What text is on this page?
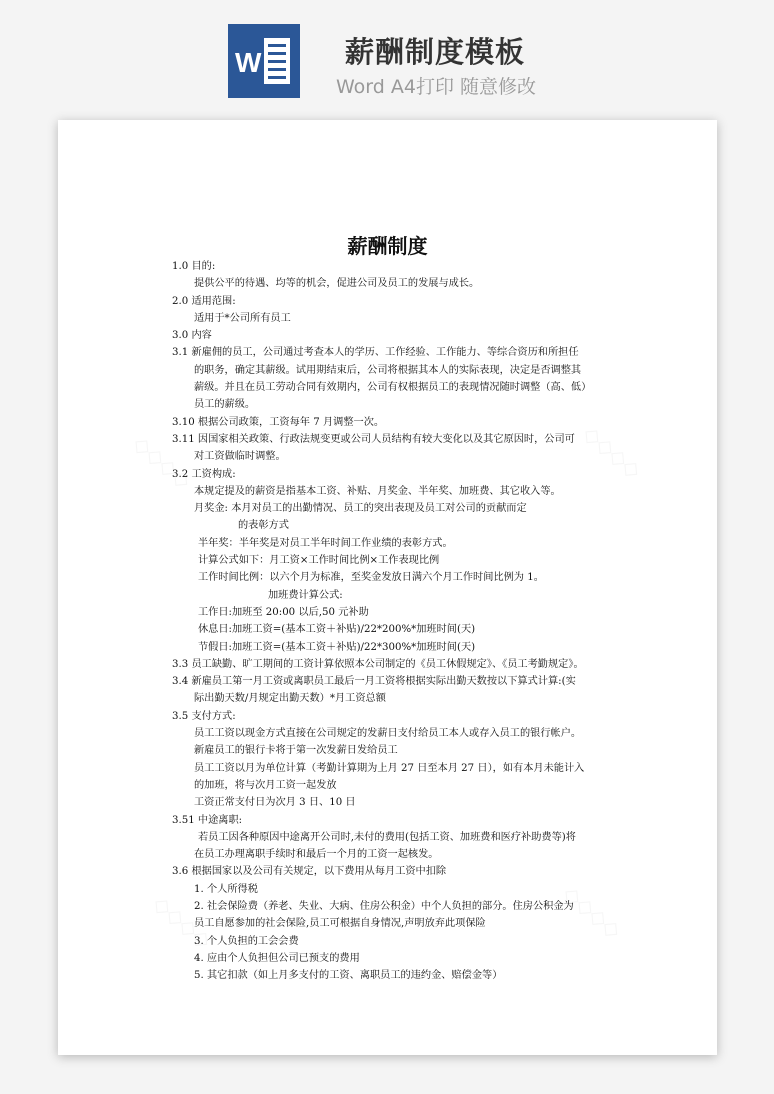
W	薪酬制度模板
Word A4打印 随意修改
薪酬制度
1.0 目的:
提供公平的待遇、均等的机会，促进公司及员工的发展与成长。
2.0 适用范围:
适用于*公司所有员工
3.0 内容
3.1 新雇佣的员工，公司通过考查本人的学历、工作经验、工作能力、等综合资历和所担任
的职务，确定其薪级。试用期结束后，公司将根据其本人的实际表现，决定是否调整其
薪级。并且在员工劳动合同有效期内，公司有权根据员工的表现情况随时调整（高、低）
员工的薪级。
3.10 根据公司政策，工资每年 7 月调整一次。
3.11 因国家相关政策、行政法规变更或公司人员结构有较大变化以及其它原因时，公司可
对工资做临时调整。
3.2 工资构成:
本规定提及的薪资是指基本工资、补贴、月奖金、半年奖、加班费、其它收入等。
月奖金: 本月对员工的出勤情况、员工的突出表现及员工对公司的贡献而定
的表彰方式
半年奖：半年奖是对员工半年时间工作业绩的表彰方式。
计算公式如下：月工资×工作时间比例×工作表现比例
工作时间比例：以六个月为标准，至奖金发放日满六个月工作时间比例为 1。
加班费计算公式:
工作日:加班至 20:00 以后,50 元补助
休息日:加班工资=(基本工资＋补贴)/22*200%*加班时间(天)
节假日:加班工资=(基本工资＋补贴)/22*300%*加班时间(天)
3.3 员工缺勤、旷工期间的工资计算依照本公司制定的《员工休假规定》、《员工考勤规定》。
3.4 新雇员工第一月工资或离职员工最后一月工资将根据实际出勤天数按以下算式计算:(实
际出勤天数/月规定出勤天数）*月工资总额
3.5 支付方式:
员工工资以现金方式直接在公司规定的发薪日支付给员工本人或存入员工的银行帐户。
新雇员工的银行卡将于第一次发薪日发给员工
员工工资以月为单位计算（考勤计算期为上月 27 日至本月 27 日），如有本月未能计入
的加班，将与次月工资一起发放
工资正常支付日为次月 3 日、10 日
3.51 中途离职:
若员工因各种原因中途离开公司时,未付的费用(包括工资、加班费和医疗补助费等)将
在员工办理离职手续时和最后一个月的工资一起核发。
3.6 根据国家以及公司有关规定，以下费用从每月工资中扣除
1. 个人所得税
2. 社会保险费（养老、失业、大病、住房公积金）中个人负担的部分。住房公积金为
员工自愿参加的社会保险,员工可根据自身情况,声明放弃此项保险
3. 个人负担的工会会费
4. 应由个人负担但公司已预支的费用
5. 其它扣款（如上月多支付的工资、离职员工的违约金、赔偿金等）
